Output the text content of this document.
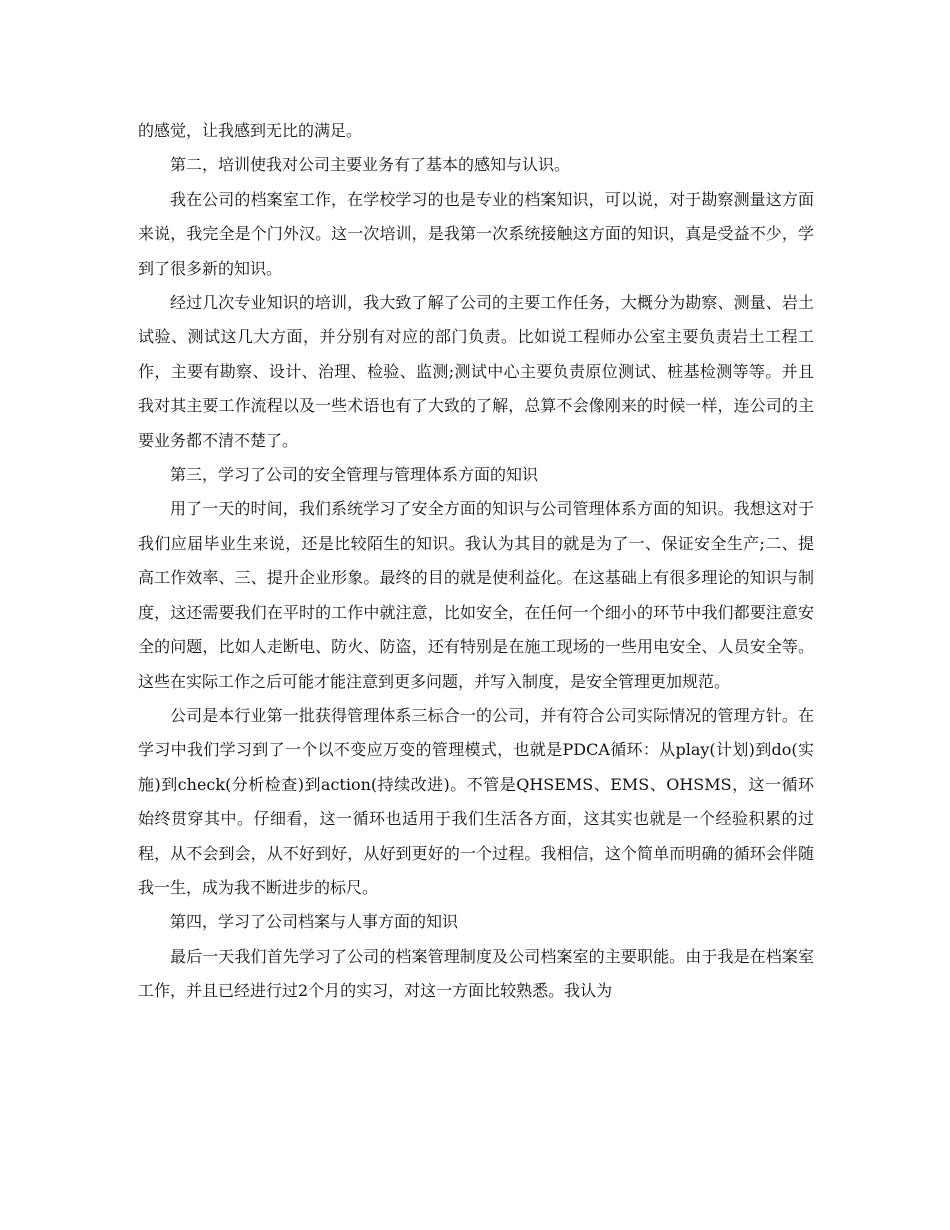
的感觉，让我感到无比的满足。

第二，培训使我对公司主要业务有了基本的感知与认识。

我在公司的档案室工作，在学校学习的也是专业的档案知识，可以说，对于勘察测量这方面来说，我完全是个门外汉。这一次培训，是我第一次系统接触这方面的知识，真是受益不少，学到了很多新的知识。

经过几次专业知识的培训，我大致了解了公司的主要工作任务，大概分为勘察、测量、岩土试验、测试这几大方面，并分别有对应的部门负责。比如说工程师办公室主要负责岩土工程工作，主要有勘察、设计、治理、检验、监测;测试中心主要负责原位测试、桩基检测等等。并且我对其主要工作流程以及一些术语也有了大致的了解，总算不会像刚来的时候一样，连公司的主要业务都不清不楚了。

第三，学习了公司的安全管理与管理体系方面的知识

用了一天的时间，我们系统学习了安全方面的知识与公司管理体系方面的知识。我想这对于我们应届毕业生来说，还是比较陌生的知识。我认为其目的就是为了一、保证安全生产;二、提高工作效率、三、提升企业形象。最终的目的就是使利益化。在这基础上有很多理论的知识与制度，这还需要我们在平时的工作中就注意，比如安全，在任何一个细小的环节中我们都要注意安全的问题，比如人走断电、防火、防盗，还有特别是在施工现场的一些用电安全、人员安全等。这些在实际工作之后可能才能注意到更多问题，并写入制度，是安全管理更加规范。

公司是本行业第一批获得管理体系三标合一的公司，并有符合公司实际情况的管理方针。在学习中我们学习到了一个以不变应万变的管理模式，也就是PDCA循环：从play(计划)到do(实施)到check(分析检查)到action(持续改进)。不管是QHSEMS、EMS、OHSMS，这一循环始终贯穿其中。仔细看，这一循环也适用于我们生活各方面，这其实也就是一个经验积累的过程，从不会到会，从不好到好，从好到更好的一个过程。我相信，这个简单而明确的循环会伴随我一生，成为我不断进步的标尺。

第四，学习了公司档案与人事方面的知识

最后一天我们首先学习了公司的档案管理制度及公司档案室的主要职能。由于我是在档案室工作，并且已经进行过2个月的实习，对这一方面比较熟悉。我认为
